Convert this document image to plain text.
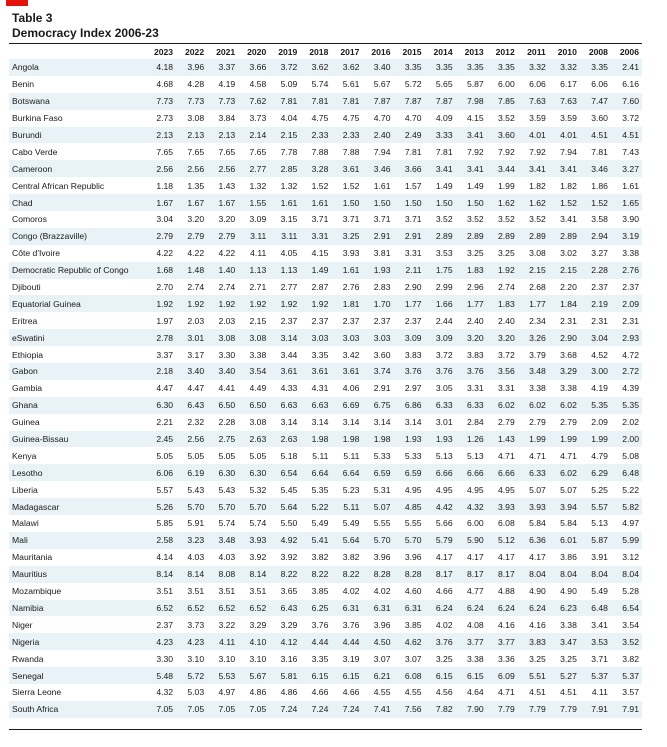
Table 3
Democracy Index 2006-23
	2023	2022	2021	2020	2019	2018	2017	2016	2015	2014	2013	2012	2011	2010	2008	2006
Angola	4.18	3.96	3.37	3.66	3.72	3.62	3.62	3.40	3.35	3.35	3.35	3.35	3.32	3.32	3.35	2.41
Benin	4.68	4.28	4.19	4.58	5.09	5.74	5.61	5.67	5.72	5.65	5.87	6.00	6.06	6.17	6.06	6.16
Botswana	7.73	7.73	7.73	7.62	7.81	7.81	7.81	7.87	7.87	7.87	7.98	7.85	7.63	7.63	7.47	7.60
Burkina Faso	2.73	3.08	3.84	3.73	4.04	4.75	4.75	4.70	4.70	4.09	4.15	3.52	3.59	3.59	3.60	3.72
Burundi	2.13	2.13	2.13	2.14	2.15	2.33	2.33	2.40	2.49	3.33	3.41	3.60	4.01	4.01	4.51	4.51
Cabo Verde	7.65	7.65	7.65	7.65	7.78	7.88	7.88	7.94	7.81	7.81	7.92	7.92	7.92	7.94	7.81	7.43
Cameroon	2.56	2.56	2.56	2.77	2.85	3.28	3.61	3.46	3.66	3.41	3.41	3.44	3.41	3.41	3.46	3.27
Central African Republic	1.18	1.35	1.43	1.32	1.32	1.52	1.52	1.61	1.57	1.49	1.49	1.99	1.82	1.82	1.86	1.61
Chad	1.67	1.67	1.67	1.55	1.61	1.61	1.50	1.50	1.50	1.50	1.50	1.62	1.62	1.52	1.52	1.65
Comoros	3.04	3.20	3.20	3.09	3.15	3.71	3.71	3.71	3.71	3.52	3.52	3.52	3.52	3.41	3.58	3.90
Congo (Brazzaville)	2.79	2.79	2.79	3.11	3.11	3.31	3.25	2.91	2.91	2.89	2.89	2.89	2.89	2.89	2.94	3.19
Côte d'Ivoire	4.22	4.22	4.22	4.11	4.05	4.15	3.93	3.81	3.31	3.53	3.25	3.25	3.08	3.02	3.27	3.38
Democratic Republic of Congo	1.68	1.48	1.40	1.13	1.13	1.49	1.61	1.93	2.11	1.75	1.83	1.92	2.15	2.15	2.28	2.76
Djibouti	2.70	2.74	2.74	2.71	2.77	2.87	2.76	2.83	2.90	2.99	2.96	2.74	2.68	2.20	2.37	2.37
Equatorial Guinea	1.92	1.92	1.92	1.92	1.92	1.92	1.81	1.70	1.77	1.66	1.77	1.83	1.77	1.84	2.19	2.09
Eritrea	1.97	2.03	2.03	2.15	2.37	2.37	2.37	2.37	2.37	2.44	2.40	2.40	2.34	2.31	2.31	2.31
eSwatini	2.78	3.01	3.08	3.08	3.14	3.03	3.03	3.03	3.09	3.09	3.20	3.20	3.26	2.90	3.04	2.93
Ethiopia	3.37	3.17	3.30	3.38	3.44	3.35	3.42	3.60	3.83	3.72	3.83	3.72	3.79	3.68	4.52	4.72
Gabon	2.18	3.40	3.40	3.54	3.61	3.61	3.61	3.74	3.76	3.76	3.76	3.56	3.48	3.29	3.00	2.72
Gambia	4.47	4.47	4.41	4.49	4.33	4.31	4.06	2.91	2.97	3.05	3.31	3.31	3.38	3.38	4.19	4.39
Ghana	6.30	6.43	6.50	6.50	6.63	6.63	6.69	6.75	6.86	6.33	6.33	6.02	6.02	6.02	5.35	5.35
Guinea	2.21	2.32	2.28	3.08	3.14	3.14	3.14	3.14	3.14	3.01	2.84	2.79	2.79	2.79	2.09	2.02
Guinea-Bissau	2.45	2.56	2.75	2.63	2.63	1.98	1.98	1.98	1.93	1.93	1.26	1.43	1.99	1.99	1.99	2.00
Kenya	5.05	5.05	5.05	5.05	5.18	5.11	5.11	5.33	5.33	5.13	5.13	4.71	4.71	4.71	4.79	5.08
Lesotho	6.06	6.19	6.30	6.30	6.54	6.64	6.64	6.59	6.59	6.66	6.66	6.66	6.33	6.02	6.29	6.48
Liberia	5.57	5.43	5.43	5.32	5.45	5.35	5.23	5.31	4.95	4.95	4.95	4.95	5.07	5.07	5.25	5.22
Madagascar	5.26	5.70	5.70	5.70	5.64	5.22	5.11	5.07	4.85	4.42	4.32	3.93	3.93	3.94	5.57	5.82
Malawi	5.85	5.91	5.74	5.74	5.50	5.49	5.49	5.55	5.55	5.66	6.00	6.08	5.84	5.84	5.13	4.97
Mali	2.58	3.23	3.48	3.93	4.92	5.41	5.64	5.70	5.70	5.79	5.90	5.12	6.36	6.01	5.87	5.99
Mauritania	4.14	4.03	4.03	3.92	3.92	3.82	3.82	3.96	3.96	4.17	4.17	4.17	4.17	3.86	3.91	3.12
Mauritius	8.14	8.14	8.08	8.14	8.22	8.22	8.22	8.28	8.28	8.17	8.17	8.17	8.04	8.04	8.04	8.04
Mozambique	3.51	3.51	3.51	3.51	3.65	3.85	4.02	4.02	4.60	4.66	4.77	4.88	4.90	4.90	5.49	5.28
Namibia	6.52	6.52	6.52	6.52	6.43	6.25	6.31	6.31	6.31	6.24	6.24	6.24	6.24	6.23	6.48	6.54
Niger	2.37	3.73	3.22	3.29	3.29	3.76	3.76	3.96	3.85	4.02	4.08	4.16	4.16	3.38	3.41	3.54
Nigeria	4.23	4.23	4.11	4.10	4.12	4.44	4.44	4.50	4.62	3.76	3.77	3.77	3.83	3.47	3.53	3.52
Rwanda	3.30	3.10	3.10	3.10	3.16	3.35	3.19	3.07	3.07	3.25	3.38	3.36	3.25	3.25	3.71	3.82
Senegal	5.48	5.72	5.53	5.67	5.81	6.15	6.15	6.21	6.08	6.15	6.15	6.09	5.51	5.27	5.37	5.37
Sierra Leone	4.32	5.03	4.97	4.86	4.86	4.66	4.66	4.55	4.55	4.56	4.64	4.71	4.51	4.51	4.11	3.57
South Africa	7.05	7.05	7.05	7.05	7.24	7.24	7.24	7.41	7.56	7.82	7.90	7.79	7.79	7.79	7.91	7.91
